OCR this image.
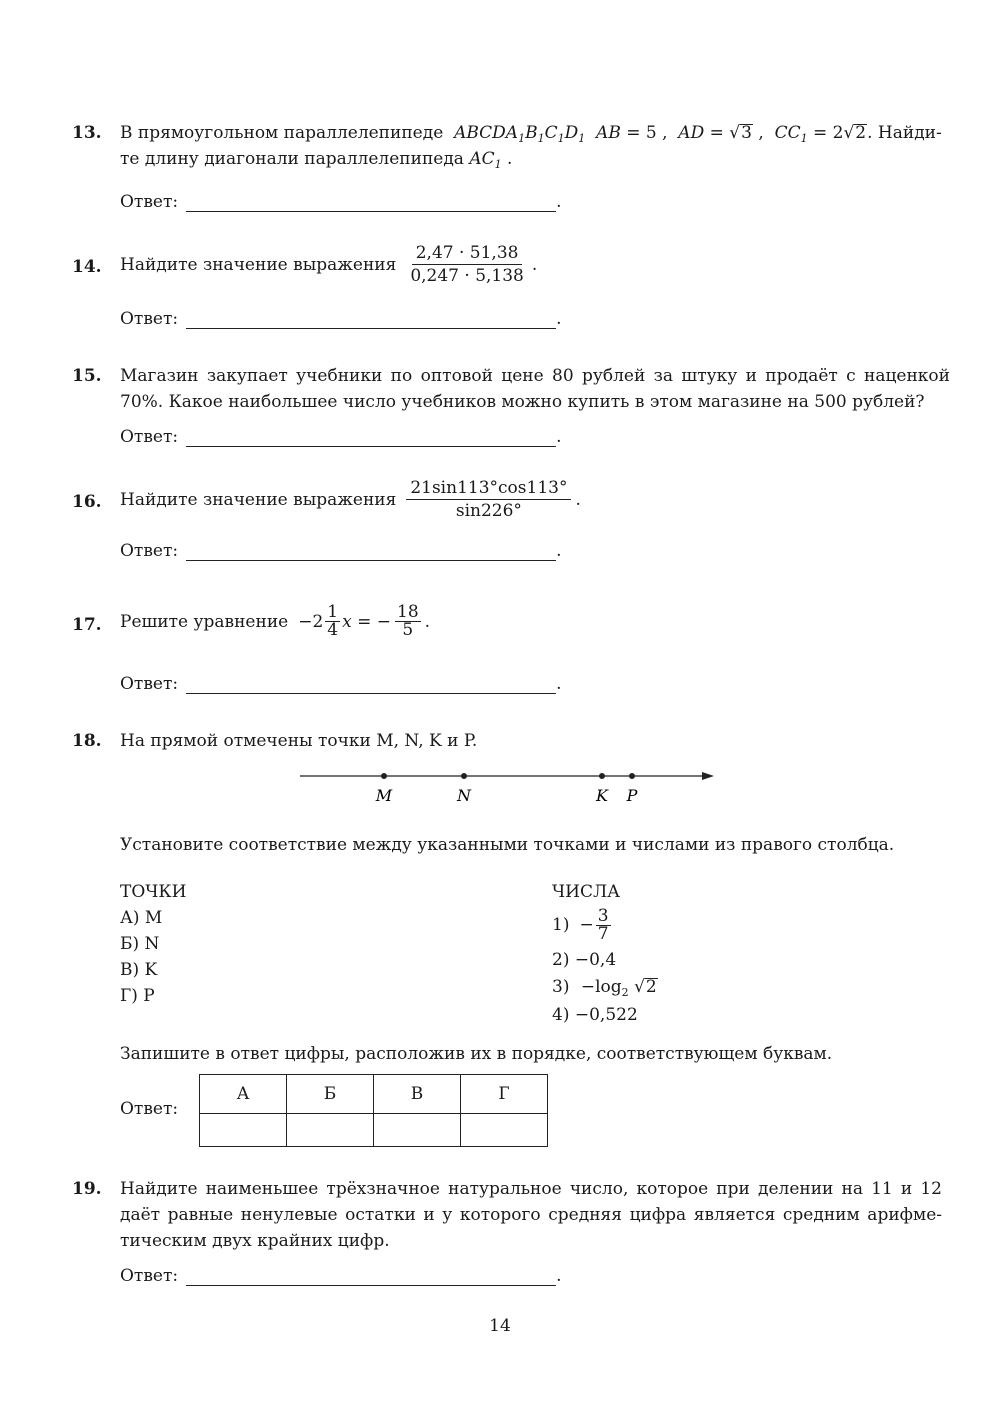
13. В прямоугольном параллелепипеде  $ABCDA_1B_1C_1D_1$  AB = 5 ,  AD = √3 ,  $CC_1 = 2√2$. Найди-
те длину диагонали параллелепипеда $AC_1$ .
Ответ:	.
14. Найдите значение выражения $\frac{2,47 \cdot 51,38}{0,247 \cdot 5,138}$ .
Ответ:	.
15. Магазин закупает учебники по оптовой цене 80 рублей за штуку и продаёт с наценкой
70%. Какое наибольшее число учебников можно купить в этом магазине на 500 рублей?
Ответ:	.
16. Найдите значение выражения $\frac{21\sin 113^\circ\cos 113^\circ}{\sin 226^\circ}$ .
Ответ:	.
17. Решите уравнение $-2 \frac{1}{4}$ x = − $\frac{18}{5}$ .
Ответ:	.
18. На прямой отмечены точки M, N, K и P.
M	N	K P
Установите соответствие между указанными точками и числами из правого столбца.
ТОЧКИ
А) M
Б) N
В) K
Г) P
ЧИСЛА
$1) - \frac{3}{7}$
2) −0,4
$3) -\log_2$ √2
4) −0,522
Запишите в ответ цифры, расположив их в порядке, соответствующем буквам.
Ответ:
А	Б	В	Г

19. Найдите наименьшее трёхзначное натуральное число, которое при делении на 11 и 12
даёт равные ненулевые остатки и у которого средняя цифра является средним арифме-
тическим двух крайних цифр.
Ответ:	.
14
